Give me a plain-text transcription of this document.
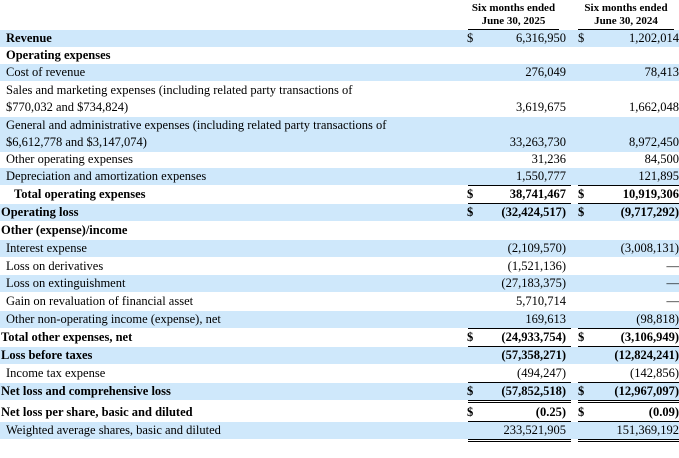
Six months ended
June 30, 2025
Six months ended
June 30, 2024
Revenue	$	6,316,950 $	1,202,014
Operating expenses
Cost of revenue	276,049	78,413
Sales and marketing expenses (including related party transactions of
$770,032 and $734,824)	3,619,675	1,662,048
General and administrative expenses (including related party transactions of
$6,612,778 and $3,147,074)	33,263,730	8,972,450
Other operating expenses	31,236	84,500
Depreciation and amortization expenses	1,550,777	121,895
Total operating expenses	$	38,741,467 $	10,919,306
Operating loss	$	(32,424,517) $	(9,717,292)
Other (expense)/income
Interest expense	(2,109,570)	(3,008,131)
Loss on derivatives	(1,521,136)	—
Loss on extinguishment	(27,183,375)	—
Gain on revaluation of financial asset	5,710,714	—
Other non-operating income (expense), net	169,613	(98,818)
Total other expenses, net	$	(24,933,754) $	(3,106,949)
Loss before taxes	(57,358,271)	(12,824,241)
Income tax expense	(494,247)	(142,856)
Net loss and comprehensive loss	$	(57,852,518) $	(12,967,097)
Net loss per share, basic and diluted	$	(0.25) $	(0.09)
Weighted average shares, basic and diluted	233,521,905	151,369,192
